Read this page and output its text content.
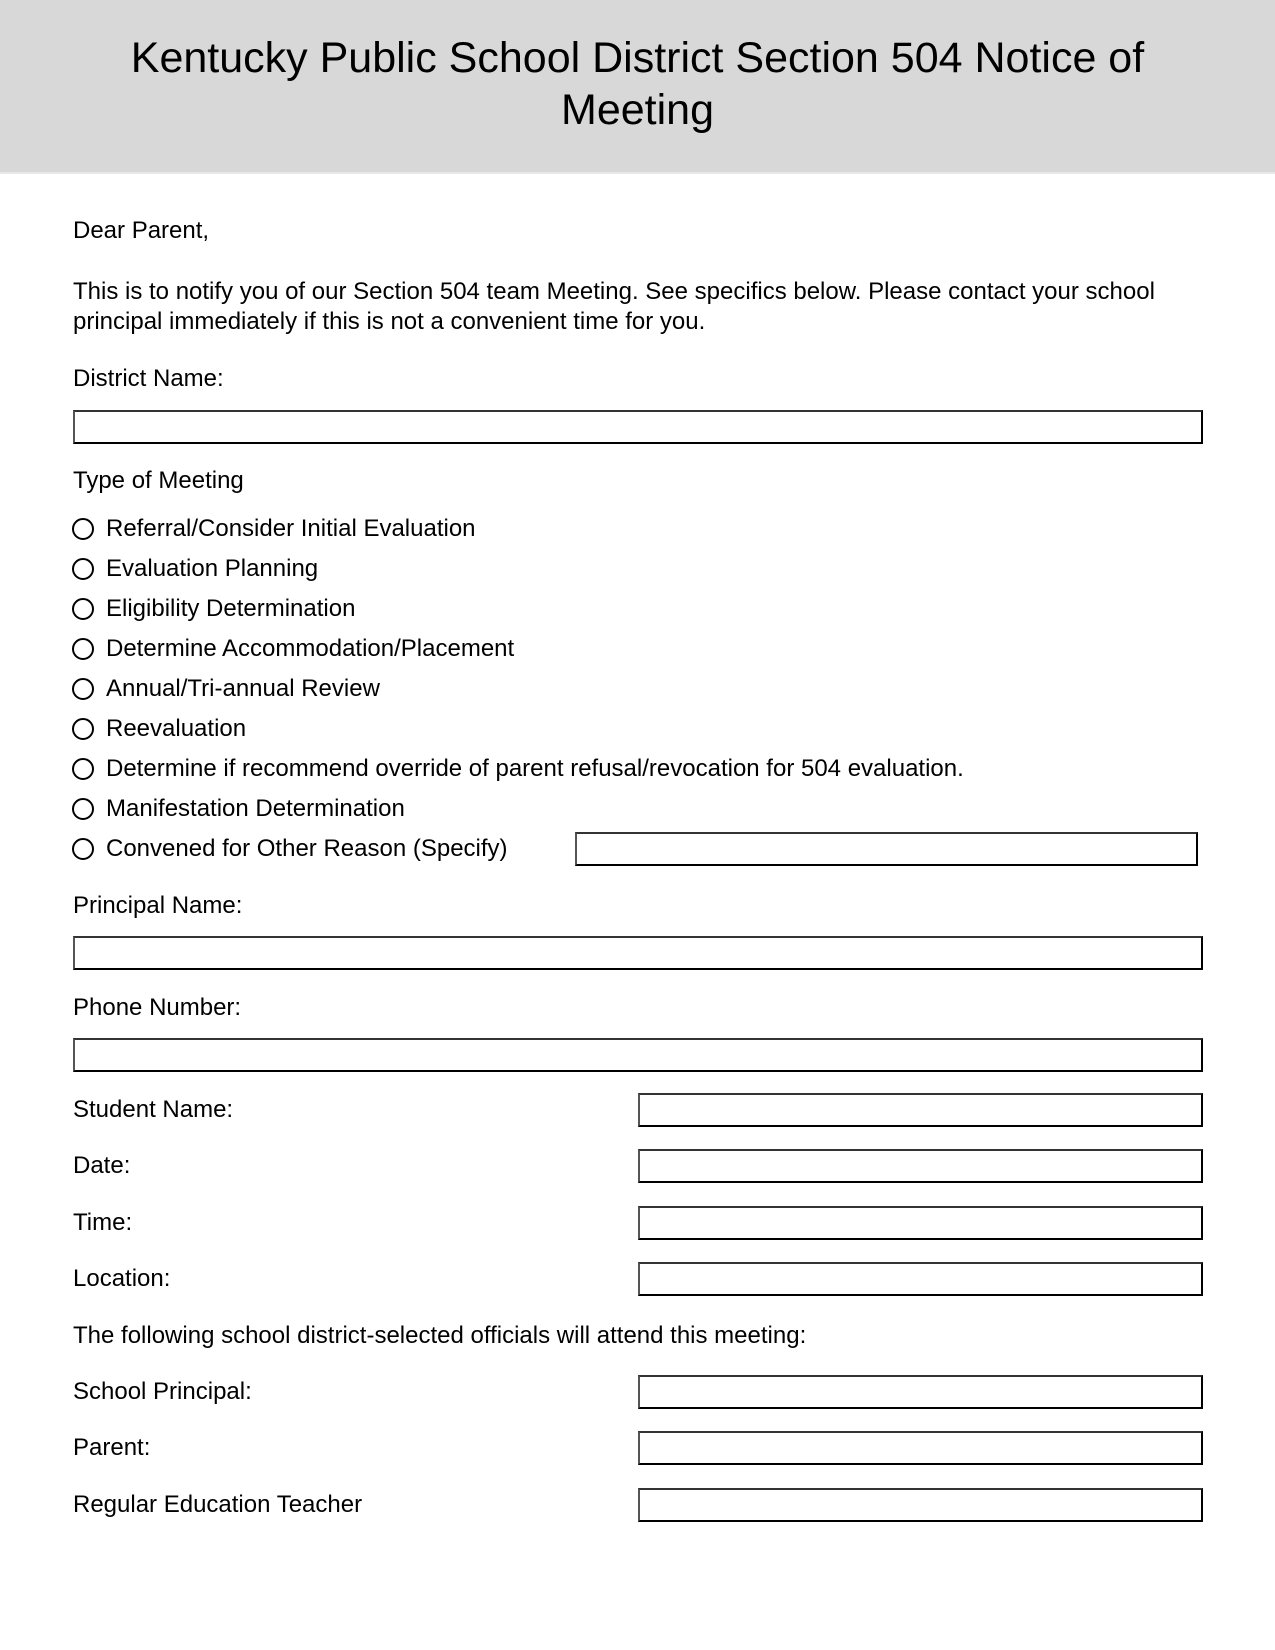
Kentucky Public School District Section 504 Notice of Meeting
Dear Parent,
This is to notify you of our Section 504 team Meeting. See specifics below. Please contact your school principal immediately if this is not a convenient time for you.
District Name:
Type of Meeting
Referral/Consider Initial Evaluation
Evaluation Planning
Eligibility Determination
Determine Accommodation/Placement
Annual/Tri-annual Review
Reevaluation
Determine if recommend override of parent refusal/revocation for 504 evaluation.
Manifestation Determination
Convened for Other Reason (Specify)
Principal Name:
Phone Number:
Student Name:
Date:
Time:
Location:
The following school district-selected officials will attend this meeting:
School Principal:
Parent:
Regular Education Teacher
